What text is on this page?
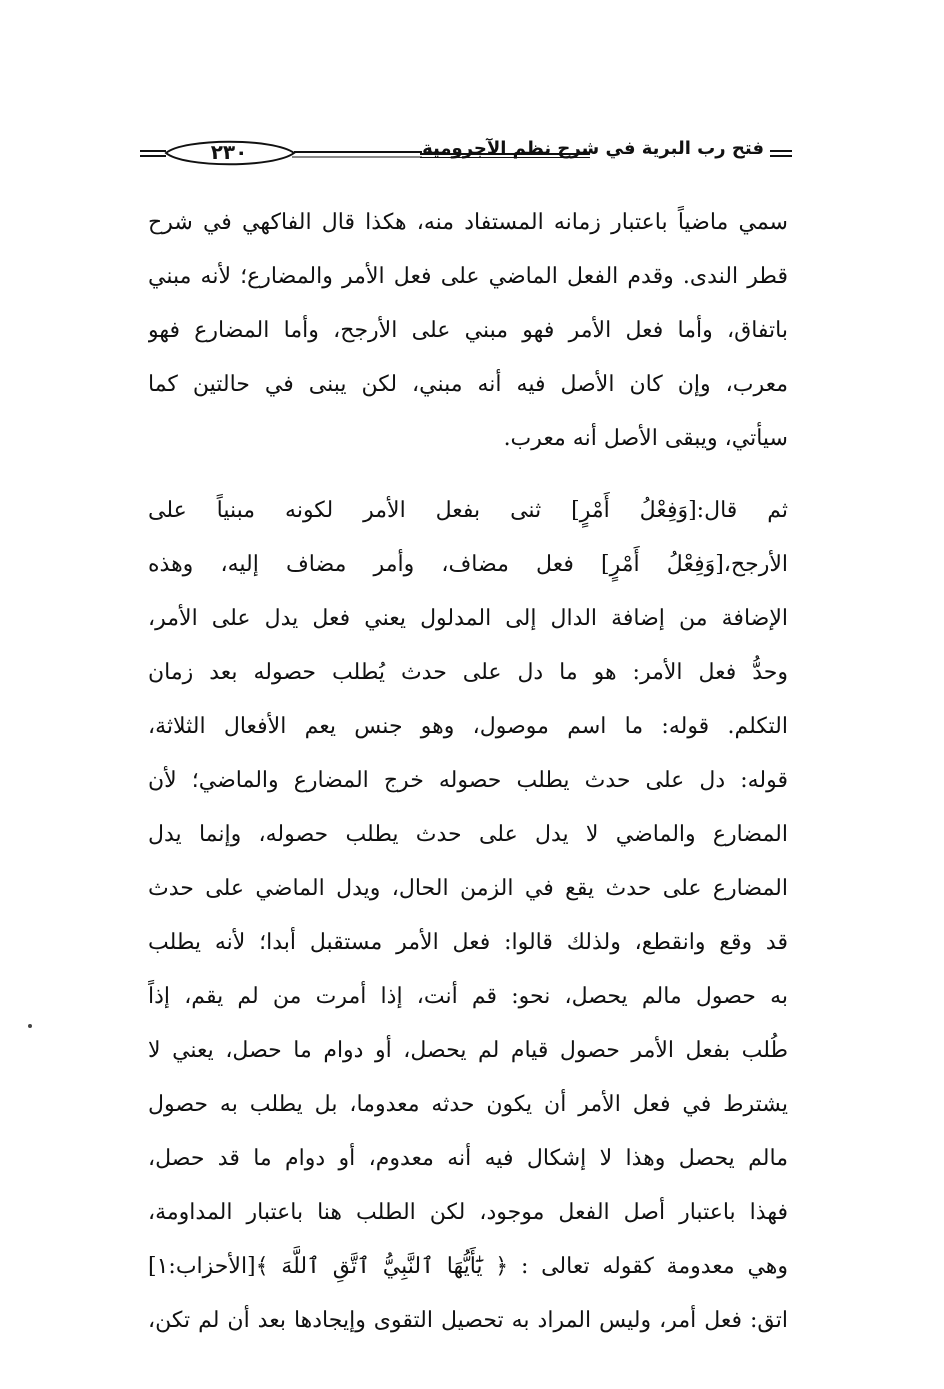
٢٣٠	فتح رب البرية في شرح نظم الآجرومية
سمي ماضياً باعتبار زمانه المستفاد منه، هكذا قال الفاكهي في شرح
قطر الندى. وقدم الفعل الماضي على فعل الأمر والمضارع؛ لأنه مبني
باتفاق، وأما فعل الأمر فهو مبني على الأرجح، وأما المضارع فهو
معرب، وإن كان الأصل فيه أنه مبني، لكن يبنى في حالتين كما
سيأتي، ويبقى الأصل أنه معرب.
ثم قال:[وَفِعْلُ أَمْرٍ] ثنى بفعل الأمر لكونه مبنياً على
الأرجح،[وَفِعْلُ أَمْرٍ] فعل مضاف، وأمر مضاف إليه، وهذه
الإضافة من إضافة الدال إلى المدلول يعني فعل يدل على الأمر،
وحدُّ فعل الأمر: هو ما دل على حدث يُطلب حصوله بعد زمان
التكلم. قوله: ما اسم موصول، وهو جنس يعم الأفعال الثلاثة،
قوله: دل على حدث يطلب حصوله خرج المضارع والماضي؛ لأن
المضارع والماضي لا يدل على حدث يطلب حصوله، وإنما يدل
المضارع على حدث يقع في الزمن الحال، ويدل الماضي على حدث
قد وقع وانقطع، ولذلك قالوا: فعل الأمر مستقبل أبدا؛ لأنه يطلب
به حصول مالم يحصل، نحو: قم أنت، إذا أمرت من لم يقم، إذاً
طُلب بفعل الأمر حصول قيام لم يحصل، أو دوام ما حصل، يعني لا
يشترط في فعل الأمر أن يكون حدثه معدوما، بل يطلب به حصول
مالم يحصل وهذا لا إشكال فيه أنه معدوم، أو دوام ما قد حصل،
فهذا باعتبار أصل الفعل موجود، لكن الطلب هنا باعتبار المداومة،
وهي معدومة كقوله تعالى : ﴿ يَٰٓأَيُّهَا ٱلنَّبِيُّ ٱتَّقِ ٱللَّهَ ﴾[الأحزاب:١]
اتق: فعل أمر، وليس المراد به تحصيل التقوى وإيجادها بعد أن لم تكن،
